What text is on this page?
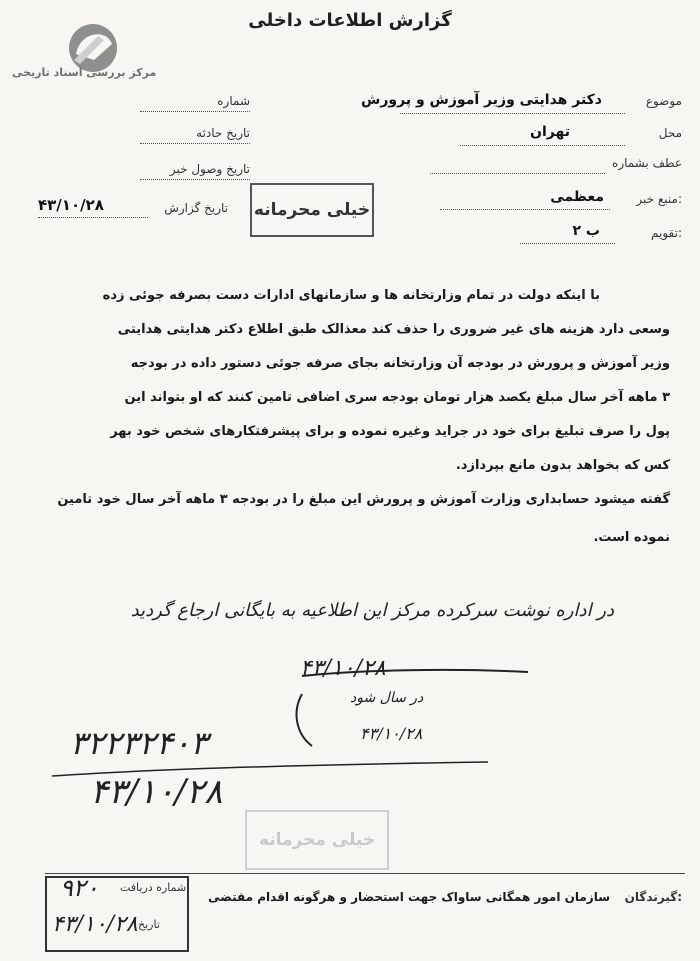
گزارش اطلاعات داخلی
مرکز بررسی اسناد تاریخی
موضوع
دکتر هدایتی وزیر آموزش و پرورش
محل
تهران
عطف بشماره
منبع خبر:
معظمی
تقویم:
ب ۲
شماره
تاریخ حادثه
تاریخ وصول خبر
تاریخ گزارش
۴۳/۱۰/۲۸	خیلی محرمانه
با اینکه دولت در تمام وزارتخانه ها و سازمانهای ادارات دست بصرفه جوئی زده
وسعی دارد هزینه های غیر ضروری را حذف کند معذالک طبق اطلاع دکتر هدایتی هدایتی
وزیر آموزش و پرورش در بودجه آن وزارتخانه بجای صرفه جوئی دستور داده در بودجه
۳ ماهه آخر سال مبلغ یکصد هزار تومان بودجه سری اضافی تامین کنند که او بتواند این
پول را صرف تبلیغ برای خود در جراید وغیره نموده و برای پیشرفتکارهای شخص خود بهر
کس که بخواهد بدون مانع بپردازد.
گفته میشود حسابداری وزارت آموزش و پرورش این مبلغ را در بودجه ۳ ماهه آخر سال خود تامین
نموده است.
در اداره نوشت سرکرده مرکز این اطلاعیه به بایگانی ارجاع گردید
۴۳/۱۰/۲۸
در سال شود
۴۳/۱۰/۲۸
۳۲۲۳۲۴۰۳
۴۳/۱۰/۲۸
خیلی محرمانه
گیرندگان:
سازمان امور همگانی ساواک جهت استحضار و هرگونه اقدام مقتضی
شماره دریافت
۹۲۰
تاریخ
۴۳/۱۰/۲۸
